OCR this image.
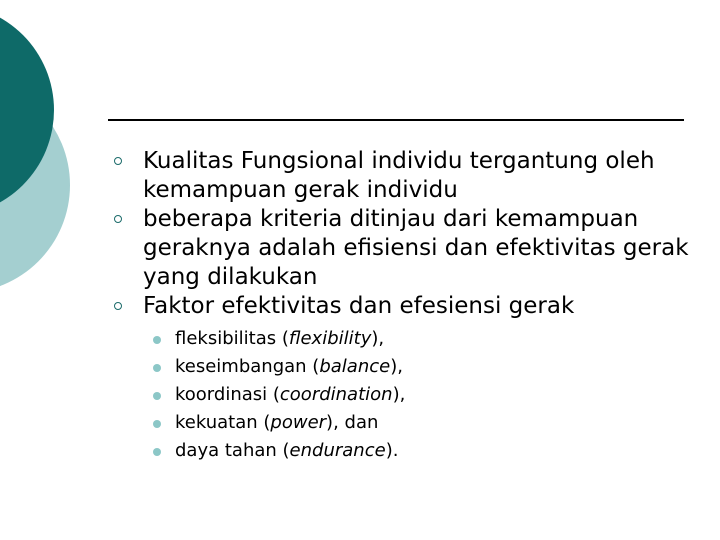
Kualitas Fungsional individu tergantung oleh kemampuan gerak individu
beberapa kriteria ditinjau dari kemampuan geraknya adalah efisiensi dan efektivitas gerak yang dilakukan
Faktor efektivitas dan efesiensi gerak
fleksibilitas (flexibility),
keseimbangan (balance),
koordinasi (coordination),
kekuatan (power), dan
daya tahan (endurance).
